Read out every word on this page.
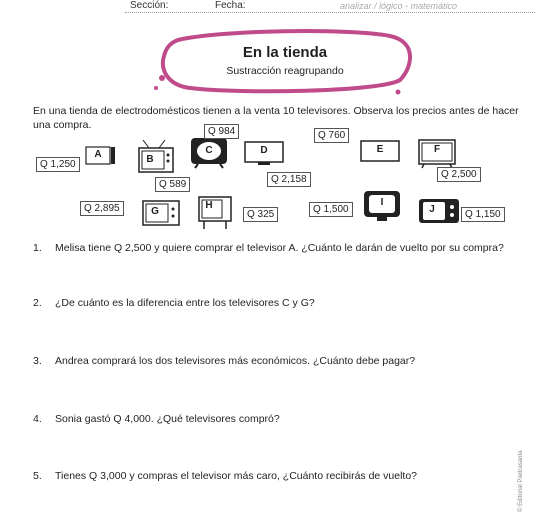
Sección:	Fecha:	analizar / lógico - matemático
En la tienda
Sustracción reagrupando
En una tienda de electrodomésticos tienen a la venta 10 televisores. Observa los precios antes de hacer una compra.
A
Q 1,250	B
Q 589
C
Q 984
D
Q 2,158
E
Q 760
F
Q 2,500
G
Q 2,895	H
Q 325
I
Q 1,500	J	Q 1,150
1. Melisa tiene Q 2,500 y quiere comprar el televisor A. ¿Cuánto le darán de vuelto por su compra?
2. ¿De cuánto es la diferencia entre los televisores C y G?
3. Andrea comprará los dos televisores más económicos. ¿Cuánto debe pagar?
4. Sonia gastó Q 4,000. ¿Qué televisores compró?
5. Tienes Q 3,000 y compras el televisor más caro, ¿Cuánto recibirás de vuelto?	© Editorial Piedrasanta
